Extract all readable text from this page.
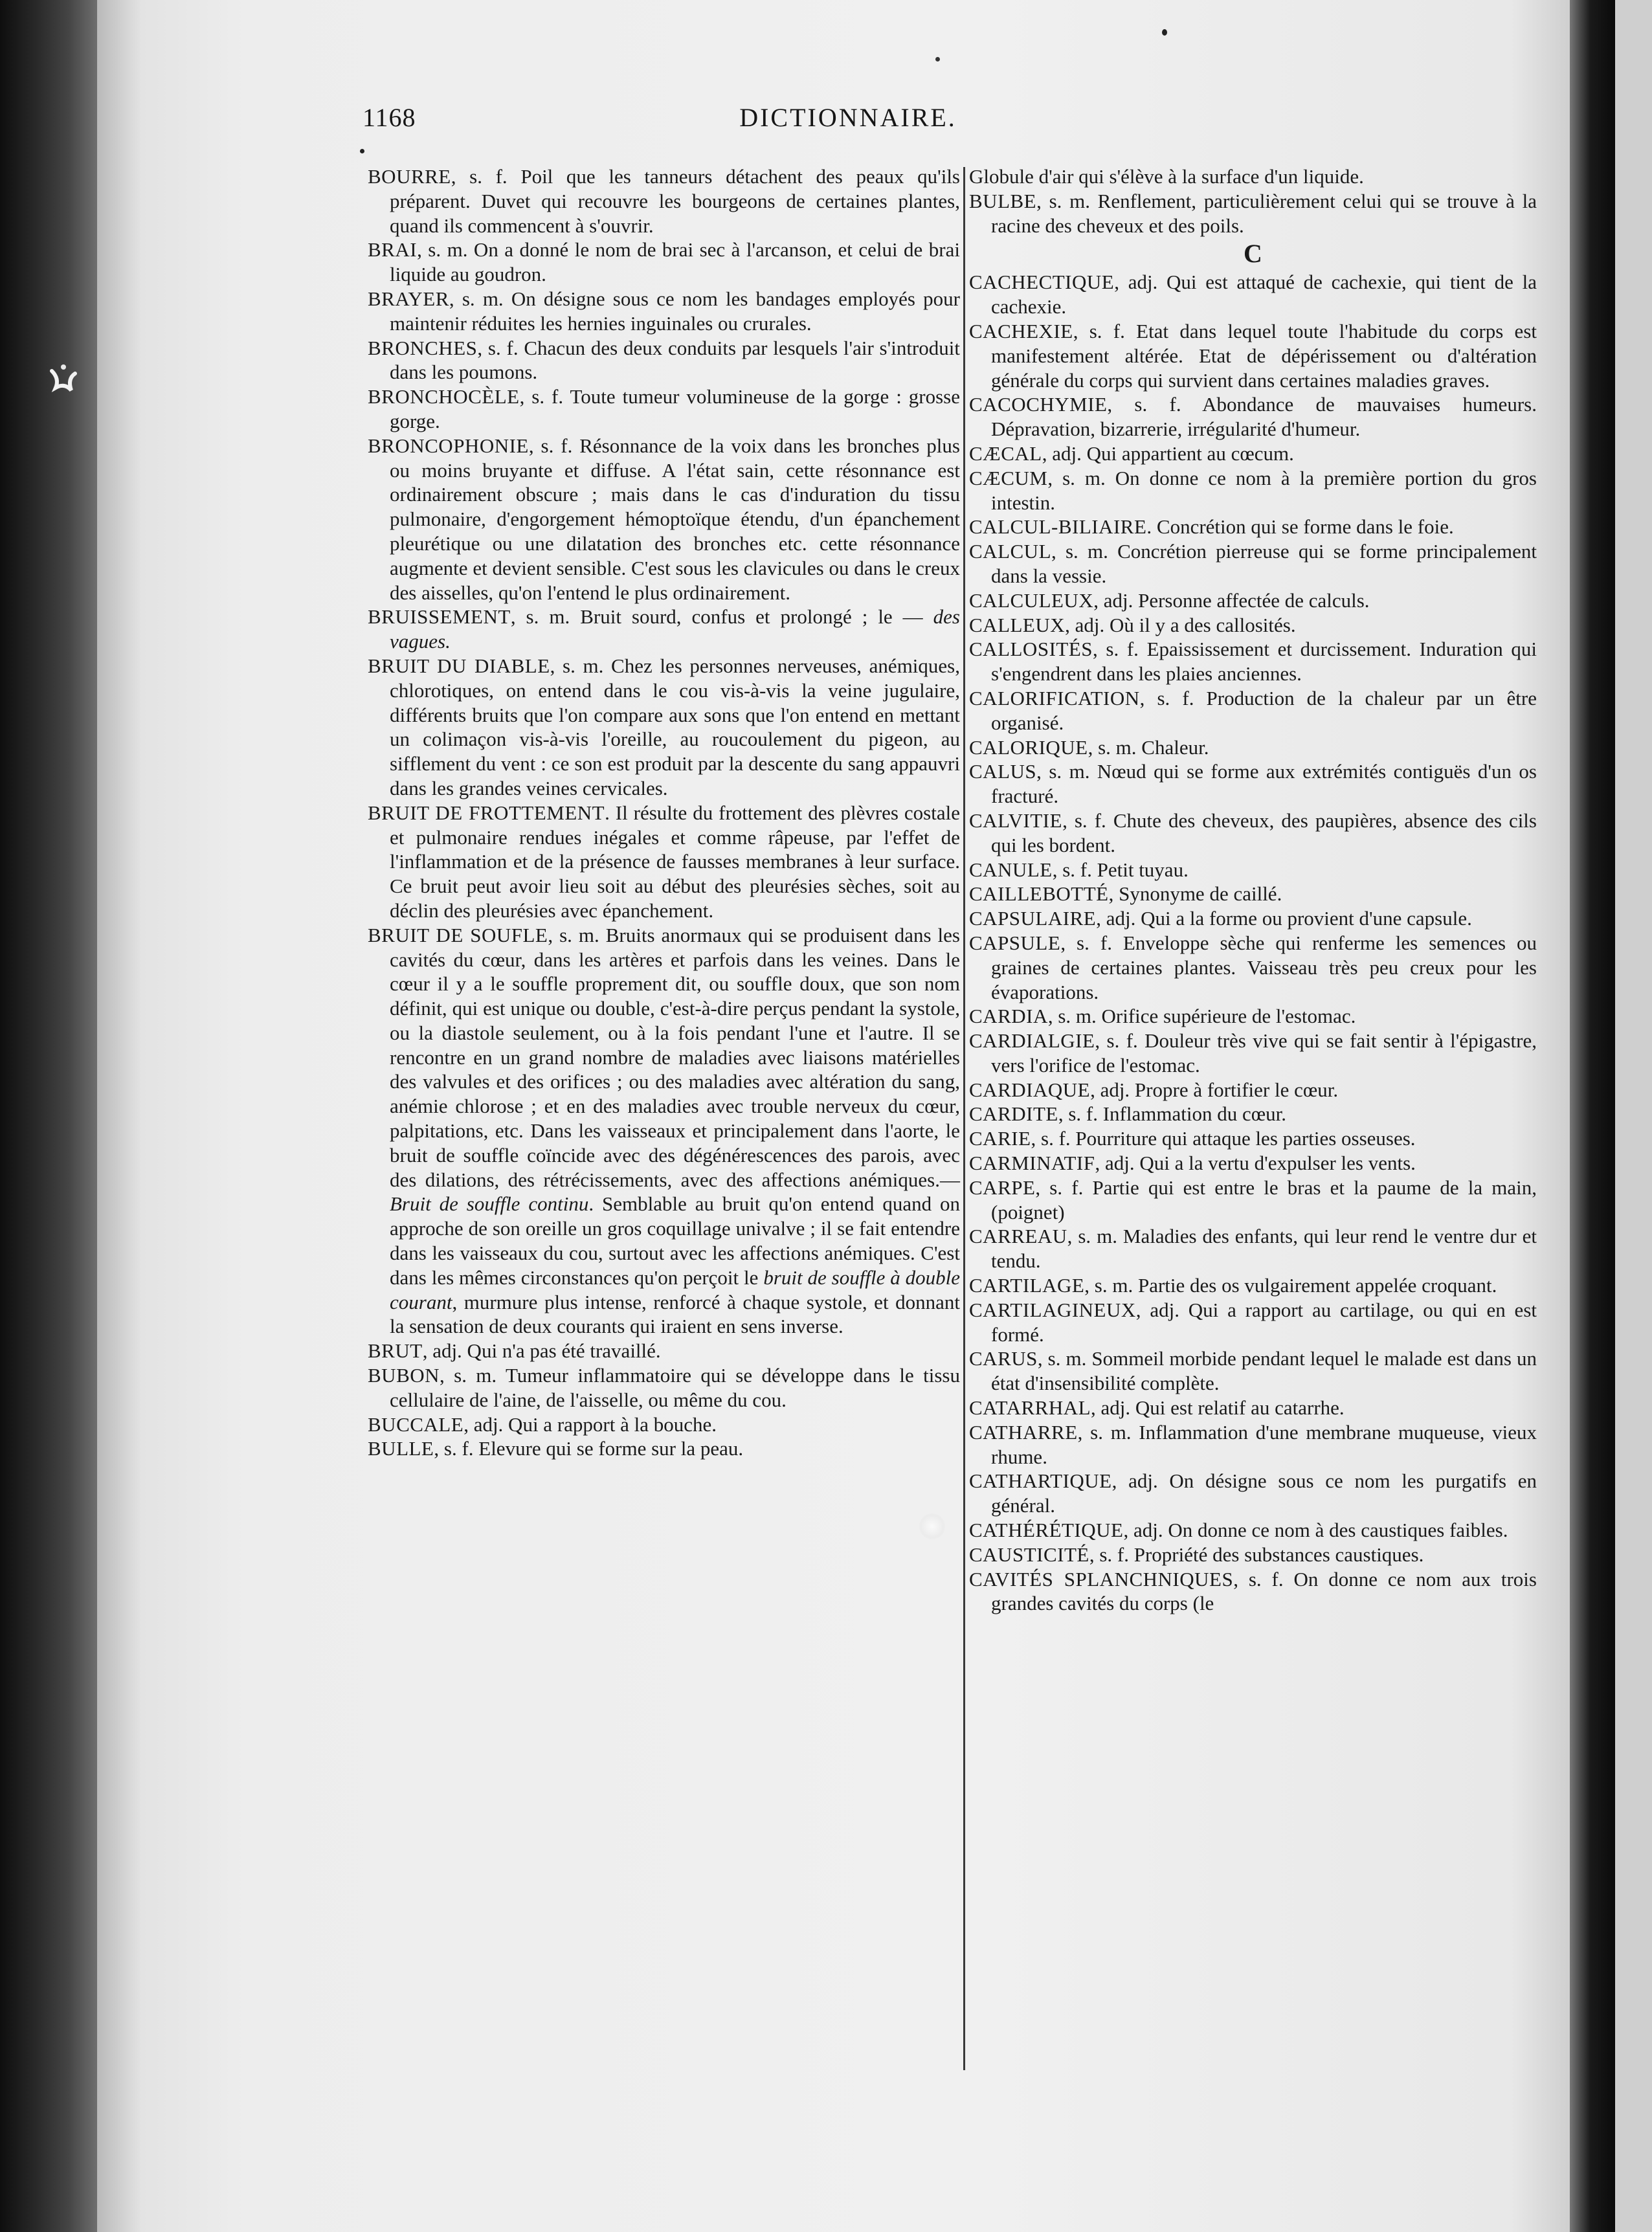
1168	DICTIONNAIRE.

BOURRE, s. f. Poil que les tanneurs détachent des peaux qu'ils préparent. Duvet qui recouvre les bourgeons de certaines plantes, quand ils commencent à s'ouvrir.

BRAI, s. m. On a donné le nom de brai sec à l'arcanson, et celui de brai liquide au goudron.

BRAYER, s. m. On désigne sous ce nom les bandages employés pour maintenir réduites les hernies inguinales ou crurales.

BRONCHES, s. f. Chacun des deux conduits par lesquels l'air s'introduit dans les poumons.

BRONCHOCÈLE, s. f. Toute tumeur volumineuse de la gorge : grosse gorge.

BRONCOPHONIE, s. f. Résonnance de la voix dans les bronches plus ou moins bruyante et diffuse. A l'état sain, cette résonnance est ordinairement obscure ; mais dans le cas d'induration du tissu pulmonaire, d'engorgement hémoptoïque étendu, d'un épanchement pleurétique ou une dilatation des bronches etc. cette résonnance augmente et devient sensible. C'est sous les clavicules ou dans le creux des aisselles, qu'on l'entend le plus ordinairement.

BRUISSEMENT, s. m. Bruit sourd, confus et prolongé ; le — des vagues.

BRUIT DU DIABLE, s. m. Chez les personnes nerveuses, anémiques, chlorotiques, on entend dans le cou vis-à-vis la veine jugulaire, différents bruits que l'on compare aux sons que l'on entend en mettant un colimaçon vis-à-vis l'oreille, au roucoulement du pigeon, au sifflement du vent : ce son est produit par la descente du sang appauvri dans les grandes veines cervicales.

BRUIT DE FROTTEMENT. Il résulte du frottement des plèvres costale et pulmonaire rendues inégales et comme râpeuse, par l'effet de l'inflammation et de la présence de fausses membranes à leur surface. Ce bruit peut avoir lieu soit au début des pleurésies sèches, soit au déclin des pleurésies avec épanchement.

BRUIT DE SOUFLE, s. m. Bruits anormaux qui se produisent dans les cavités du cœur, dans les artères et parfois dans les veines. Dans le cœur il y a le souffle proprement dit, ou souffle doux, que son nom définit, qui est unique ou double, c'est-à-dire perçus pendant la systole, ou la diastole seulement, ou à la fois pendant l'une et l'autre. Il se rencontre en un grand nombre de maladies avec liaisons matérielles des valvules et des orifices ; ou des maladies avec altération du sang, anémie chlorose ; et en des maladies avec trouble nerveux du cœur, palpitations, etc. Dans les vaisseaux et principalement dans l'aorte, le bruit de souffle coïncide avec des dégénérescences des parois, avec des dilations, des rétrécissements, avec des affections anémiques.—Bruit de souffle continu. Semblable au bruit qu'on entend quand on approche de son oreille un gros coquillage univalve ; il se fait entendre dans les vaisseaux du cou, surtout avec les affections anémiques. C'est dans les mêmes circonstances qu'on perçoit le bruit de souffle à double courant, murmure plus intense, renforcé à chaque systole, et donnant la sensation de deux courants qui iraient en sens inverse.

BRUT, adj. Qui n'a pas été travaillé.

BUBON, s. m. Tumeur inflammatoire qui se développe dans le tissu cellulaire de l'aine, de l'aisselle, ou même du cou.

BUCCALE, adj. Qui a rapport à la bouche.

BULLE, s. f. Elevure qui se forme sur la peau.

Globule d'air qui s'élève à la surface d'un liquide.

BULBE, s. m. Renflement, particulièrement celui qui se trouve à la racine des cheveux et des poils.

C

CACHECTIQUE, adj. Qui est attaqué de cachexie, qui tient de la cachexie.

CACHEXIE, s. f. Etat dans lequel toute l'habitude du corps est manifestement altérée. Etat de dépérissement ou d'altération générale du corps qui survient dans certaines maladies graves.

CACOCHYMIE, s. f. Abondance de mauvaises humeurs. Dépravation, bizarrerie, irrégularité d'humeur.

CÆCAL, adj. Qui appartient au cœcum.

CÆCUM, s. m. On donne ce nom à la première portion du gros intestin.

CALCUL-BILIAIRE. Concrétion qui se forme dans le foie.

CALCUL, s. m. Concrétion pierreuse qui se forme principalement dans la vessie.

CALCULEUX, adj. Personne affectée de calculs.

CALLEUX, adj. Où il y a des callosités.

CALLOSITÉS, s. f. Epaississement et durcissement. Induration qui s'engendrent dans les plaies anciennes.

CALORIFICATION, s. f. Production de la chaleur par un être organisé.

CALORIQUE, s. m. Chaleur.

CALUS, s. m. Nœud qui se forme aux extrémités contiguës d'un os fracturé.

CALVITIE, s. f. Chute des cheveux, des paupières, absence des cils qui les bordent.

CANULE, s. f. Petit tuyau.

CAILLEBOTTÉ, Synonyme de caillé.

CAPSULAIRE, adj. Qui a la forme ou provient d'une capsule.

CAPSULE, s. f. Enveloppe sèche qui renferme les semences ou graines de certaines plantes. Vaisseau très peu creux pour les évaporations.

CARDIA, s. m. Orifice supérieure de l'estomac.

CARDIALGIE, s. f. Douleur très vive qui se fait sentir à l'épigastre, vers l'orifice de l'estomac.

CARDIAQUE, adj. Propre à fortifier le cœur.

CARDITE, s. f. Inflammation du cœur.

CARIE, s. f. Pourriture qui attaque les parties osseuses.

CARMINATIF, adj. Qui a la vertu d'expulser les vents.

CARPE, s. f. Partie qui est entre le bras et la paume de la main, (poignet)

CARREAU, s. m. Maladies des enfants, qui leur rend le ventre dur et tendu.

CARTILAGE, s. m. Partie des os vulgairement appelée croquant.

CARTILAGINEUX, adj. Qui a rapport au cartilage, ou qui en est formé.

CARUS, s. m. Sommeil morbide pendant lequel le malade est dans un état d'insensibilité complète.

CATARRHAL, adj. Qui est relatif au catarrhe.

CATHARRE, s. m. Inflammation d'une membrane muqueuse, vieux rhume.

CATHARTIQUE, adj. On désigne sous ce nom les purgatifs en général.

CATHÉRÉTIQUE, adj. On donne ce nom à des caustiques faibles.

CAUSTICITÉ, s. f. Propriété des substances caustiques.

CAVITÉS SPLANCHNIQUES, s. f. On donne ce nom aux trois grandes cavités du corps (le
